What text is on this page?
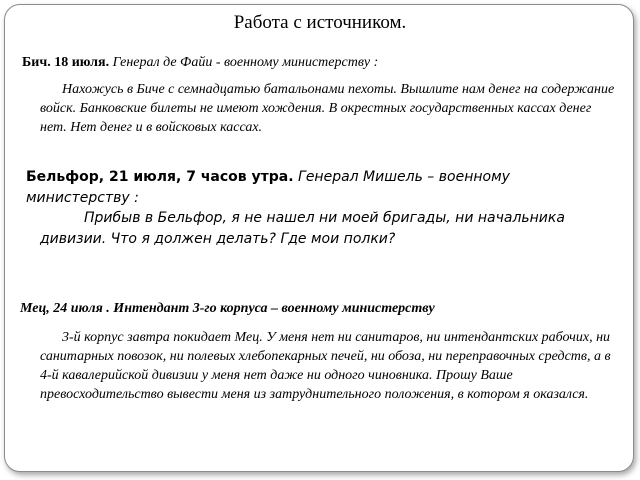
Работа с источником.
Бич. 18 июля. Генерал де Файи - военному министерству :
Нахожусь в Биче с семнадцатью батальонами пехоты. Вышлите нам денег на содержание войск. Банковские билеты не имеют хождения. В окрестных государственных кассах денег нет. Нет денег и в войсковых кассах.
Бельфор, 21 июля, 7 часов утра. Генерал Мишель – военному министерству :
Прибыв в Бельфор, я не нашел ни моей бригады, ни начальника дивизии. Что я должен делать? Где мои полки?
Мец, 24 июля . Интендант 3-го корпуса – военному министерству
3-й корпус завтра покидает Мец. У меня нет ни санитаров, ни интендантских рабочих, ни санитарных повозок, ни полевых хлебопекарных печей, ни обоза, ни переправочных средств, а в 4-й кавалерийской дивизии у меня нет даже ни одного чиновника. Прошу Ваше превосходительство вывести меня из затруднительного положения, в котором я оказался.
